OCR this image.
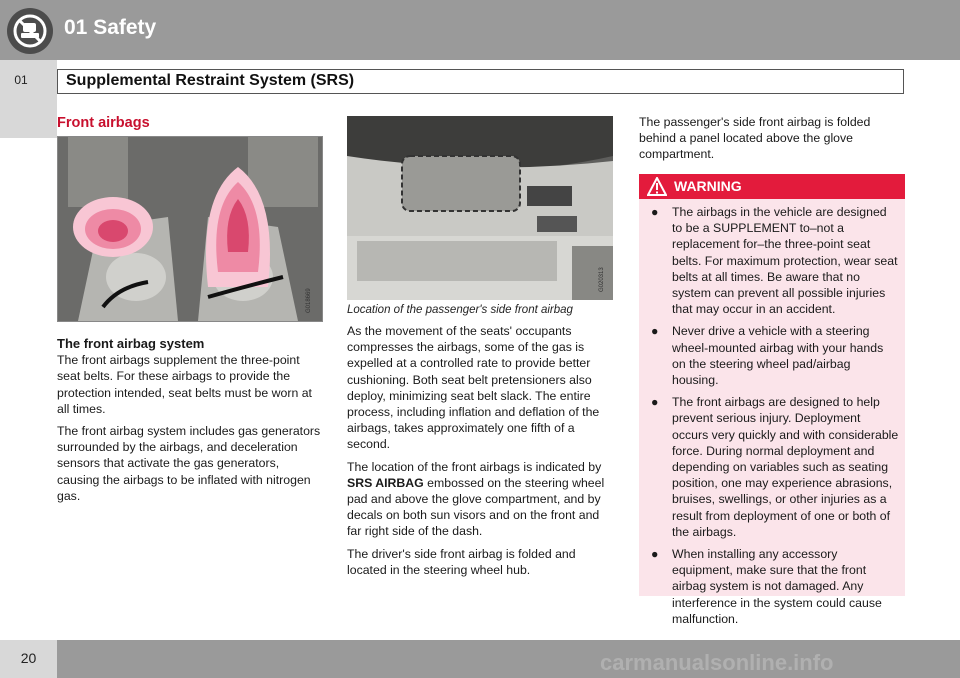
01 Safety
01	Supplemental Restraint System (SRS)
Front airbags
G018669
The front airbag system

The front airbags supplement the three-point seat belts. For these airbags to provide the protection intended, seat belts must be worn at all times.

The front airbag system includes gas generators surrounded by the airbags, and deceleration sensors that activate the gas generators, causing the airbags to be inflated with nitrogen gas.

G020313
Location of the passenger's side front airbag

As the movement of the seats' occupants compresses the airbags, some of the gas is expelled at a controlled rate to provide better cushioning. Both seat belt pretensioners also deploy, minimizing seat belt slack. The entire process, including inflation and deflation of the airbags, takes approximately one fifth of a second.

The location of the front airbags is indicated by SRS AIRBAG embossed on the steering wheel pad and above the glove compartment, and by decals on both sun visors and on the front and far right side of the dash.

The driver's side front airbag is folded and located in the steering wheel hub.

The passenger's side front airbag is folded behind a panel located above the glove compartment.

WARNING
● The airbags in the vehicle are designed to be a SUPPLEMENT to–not a replacement for–the three-point seat belts. For maximum protection, wear seat belts at all times. Be aware that no system can prevent all possible injuries that may occur in an accident.
● Never drive a vehicle with a steering wheel-mounted airbag with your hands on the steering wheel pad/airbag housing.
● The front airbags are designed to help prevent serious injury. Deployment occurs very quickly and with considerable force. During normal deployment and depending on variables such as seating position, one may experience abrasions, bruises, swellings, or other injuries as a result from deployment of one or both of the airbags.
● When installing any accessory equipment, make sure that the front airbag system is not damaged. Any interference in the system could cause malfunction.
20	carmanualsonline.info
